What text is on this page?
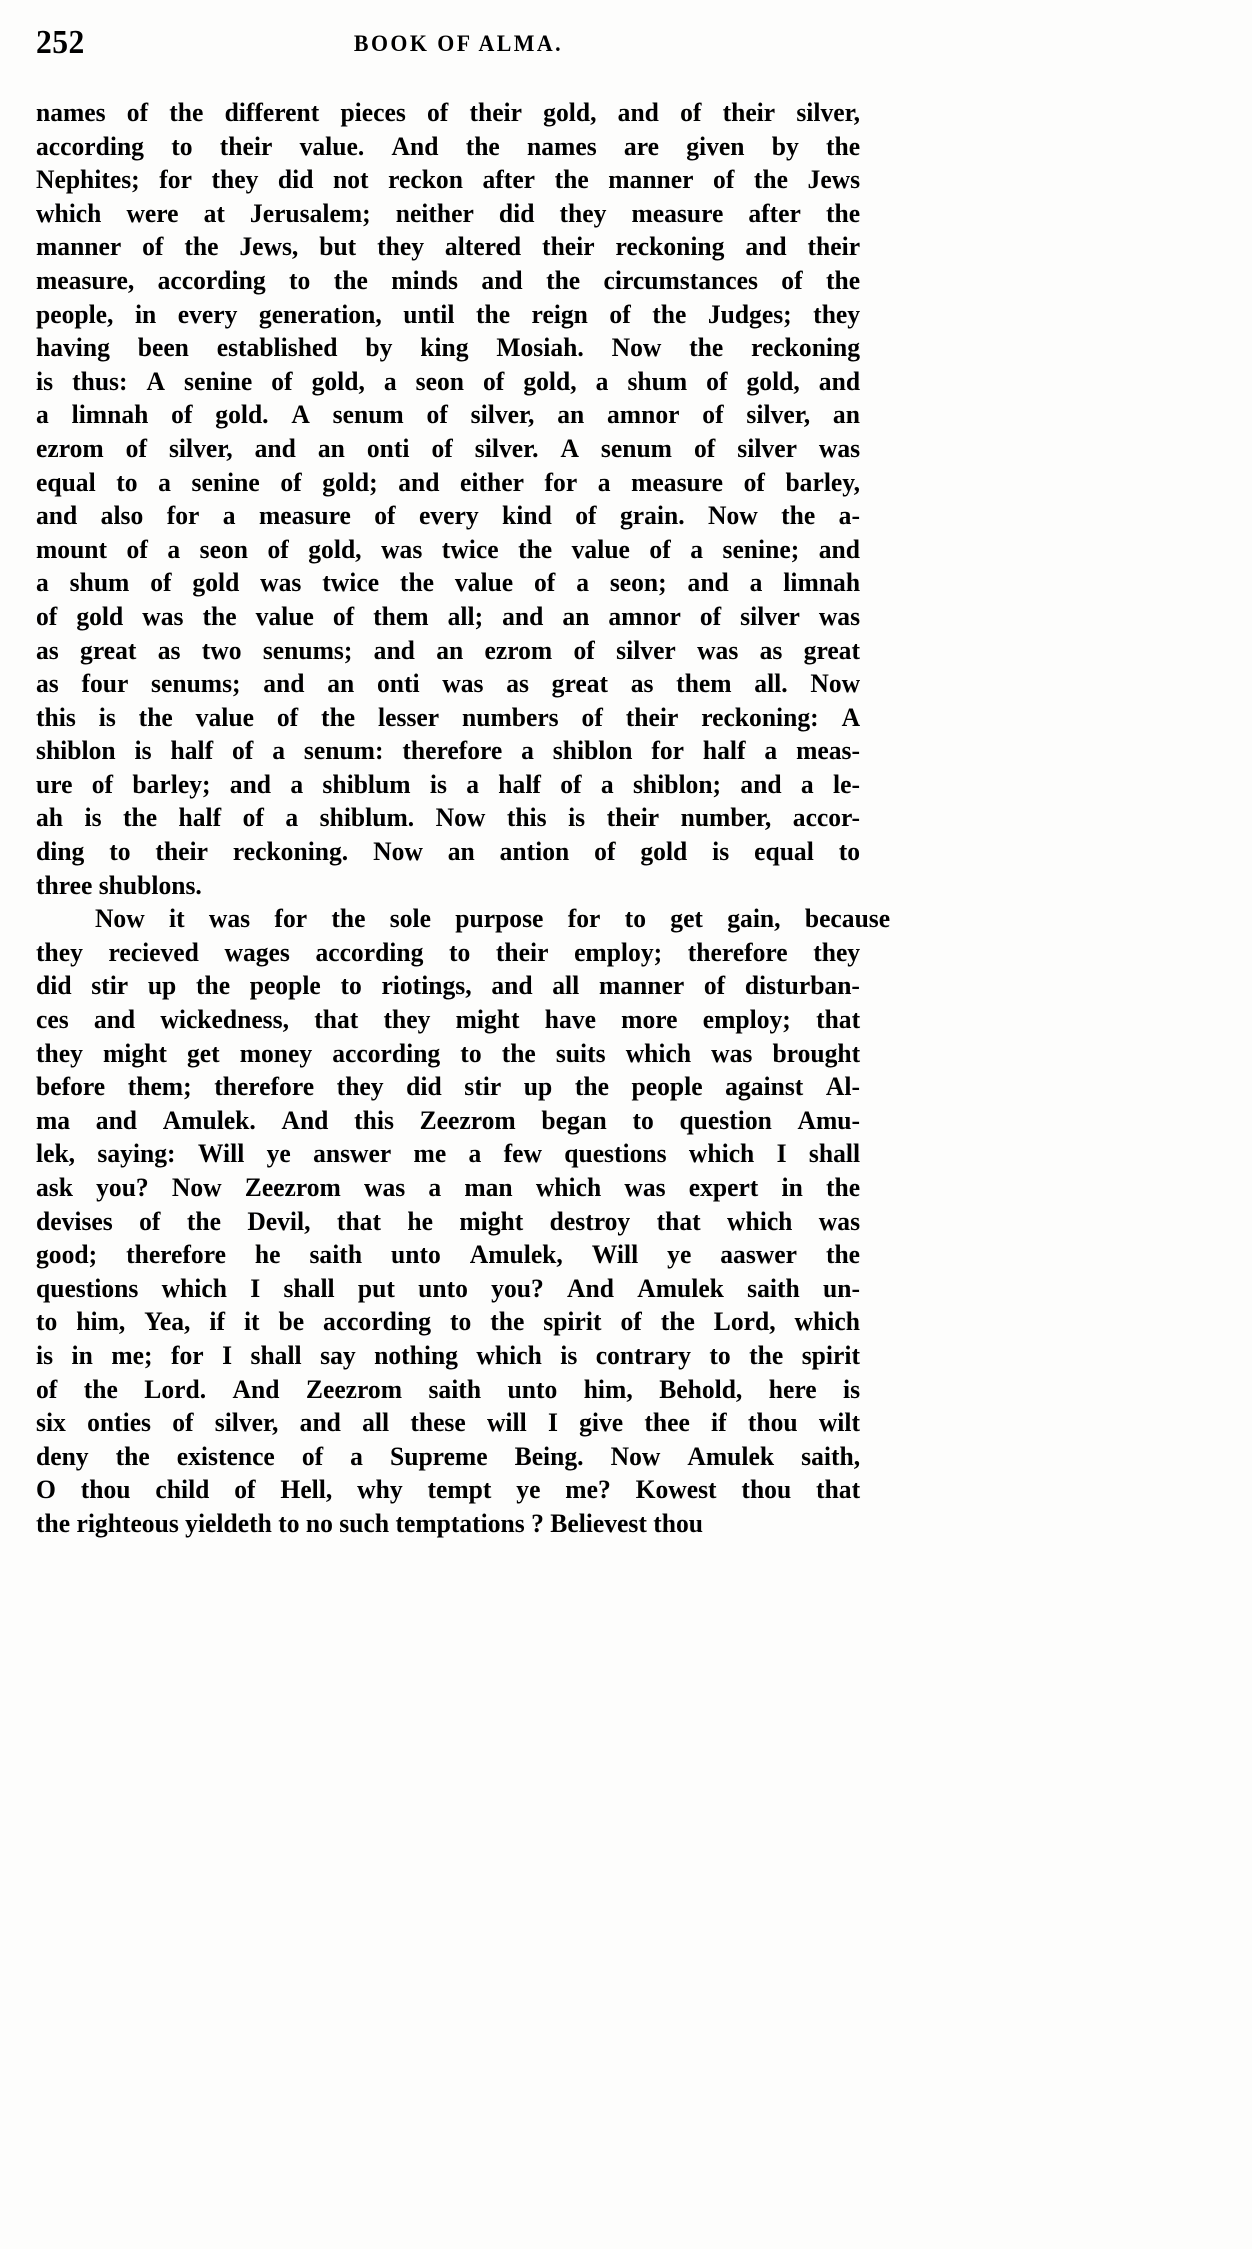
252	BOOK OF ALMA.
names of the different pieces of their gold, and of their silver,
according to their value. And the names are given by the
Nephites; for they did not reckon after the manner of the Jews
which were at Jerusalem; neither did they measure after the
manner of the Jews, but they altered their reckoning and their
measure, according to the minds and the circumstances of the
people, in every generation, until the reign of the Judges; they
having been established by king Mosiah. Now the reckoning
is thus: A senine of gold, a seon of gold, a shum of gold, and
a limnah of gold. A senum of silver, an amnor of silver, an
ezrom of silver, and an onti of silver. A senum of silver was
equal to a senine of gold; and either for a measure of barley,
and also for a measure of every kind of grain. Now the a-
mount of a seon of gold, was twice the value of a senine; and
a shum of gold was twice the value of a seon; and a limnah
of gold was the value of them all; and an amnor of silver was
as great as two senums; and an ezrom of silver was as great
as four senums; and an onti was as great as them all. Now
this is the value of the lesser numbers of their reckoning: A
shiblon is half of a senum: therefore a shiblon for half a meas-
ure of barley; and a shiblum is a half of a shiblon; and a le-
ah is the half of a shiblum. Now this is their number, accor-
ding to their reckoning. Now an antion of gold is equal to
three shublons.
Now it was for the sole purpose for to get gain, because
they recieved wages according to their employ; therefore they
did stir up the people to riotings, and all manner of disturban-
ces and wickedness, that they might have more employ; that
they might get money according to the suits which was brought
before them; therefore they did stir up the people against Al-
ma and Amulek. And this Zeezrom began to question Amu-
lek, saying: Will ye answer me a few questions which I shall
ask you? Now Zeezrom was a man which was expert in the
devises of the Devil, that he might destroy that which was
good; therefore he saith unto Amulek, Will ye aaswer the
questions which I shall put unto you? And Amulek saith un-
to him, Yea, if it be according to the spirit of the Lord, which
is in me; for I shall say nothing which is contrary to the spirit
of the Lord. And Zeezrom saith unto him, Behold, here is
six onties of silver, and all these will I give thee if thou wilt
deny the existence of a Supreme Being. Now Amulek saith,
O thou child of Hell, why tempt ye me? Kowest thou that
the righteous yieldeth to no such temptations ? Believest thou
